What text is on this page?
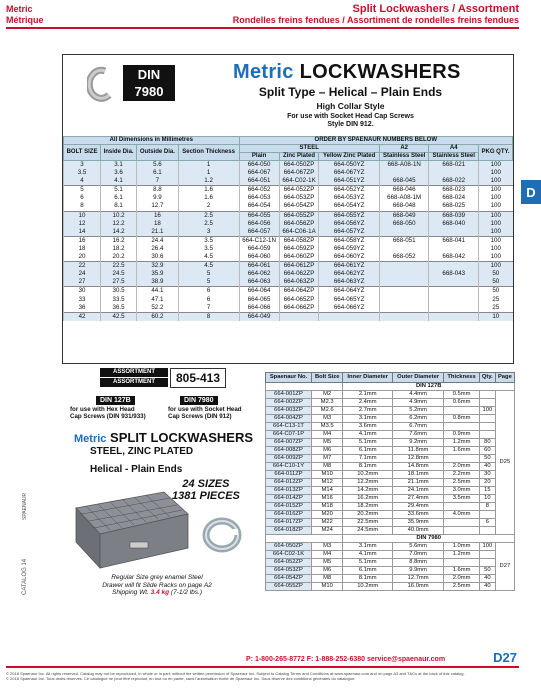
Metric
Métrique
Split Lockwashers / Assortment
Rondelles freins fendues / Assortiment de rondelles freins fendues
D
CATALOG 14
SPAENAUR
DIN
7980
Metric LOCKWASHERS
Split Type – Helical – Plain Ends
High Collar Style
For use with Socket Head Cap Screws
Style DIN 912.
All Dimensions in Millimetres				ORDER BY SPAENAUR NUMBERS BELOW					
BOLT SIZE	Inside Dia.	Outside Dia.	Section Thickness	STEEL			A2	A4	PKG QTY.
				Plain	Zinc Plated	Yellow Zinc Plated	Stainless Steel	Stainless Steel	
3	3.1	5.6	1	664-050	664-050ZP	664-050YZ	668-A08-1N	668-021	100
3.5	3.6	6.1	1	664-067	664-067ZP	664-067YZ			100
4	4.1	7	1.2	664-051	664-C02-1K	664-051YZ	668-045	668-022	100
5	5.1	8.8	1.6	664-052	664-052ZP	664-052YZ	668-046	668-023	100
6	6.1	9.9	1.6	664-053	664-053ZP	664-053YZ	668-A08-1M	668-024	100
8	8.1	12.7	2	664-054	664-054ZP	664-054YZ	668-048	668-025	100
10	10.2	16	2.5	664-055	664-055ZP	664-055YZ	668-049	668-039	100
12	12.2	18	2.5	664-056	664-056ZP	664-056YZ	668-050	668-040	100
14	14.2	21.1	3	664-057	664-C06-1A	664-057YZ			100
16	16.2	24.4	3.5	664-C12-1N	664-058ZP	664-058YZ	668-051	668-041	100
18	18.2	26.4	3.5	664-059	664-059ZP	664-059YZ			100
20	20.2	30.6	4.5	664-060	664-060ZP	664-060YZ	668-052	668-042	100
22	22.5	32.9	4.5	664-061	664-061ZP	664-061YZ			100
24	24.5	35.9	5	664-062	664-062ZP	664-062YZ		668-043	50
27	27.5	38.9	5	664-063	664-063ZP	664-063YZ			50
30	30.5	44.1	6	664-064	664-064ZP	664-064YZ			50
33	33.5	47.1	6	664-065	664-065ZP	664-065YZ			25
36	36.5	52.2	7	664-066	664-066ZP	664-066YZ			25
42	42.5	60.2	8	664-049					10
ASSORTMENT
ASSORTMENT	805-413
DIN 127B
for use with Hex Head
Cap Screws (DIN 931/933)
DIN 7980
for use with Socket Head
Cap Screws (DIN 912)
Metric SPLIT LOCKWASHERS
STEEL, ZINC PLATED
Helical - Plain Ends
24 SIZES
1381 PIECES
Regular Size grey enamel Steel
Drawer will fit Slide Racks on page A2
Shipping Wt. 3.4 kg (7-1/2 lbs.)
Spaenaur No.	Bolt Size	Inner Diameter	Outer Diameter	Thickness	Qty.	Page
		DIN 127B				
664-001ZP	M2	2.1mm	4.4mm	0.5mm		D25
664-002ZP	M2.3	2.4mm	4.9mm	0.6mm		
664-003ZP	M2.6	2.7mm	5.2mm		100	
664-004ZP	M3	3.1mm	6.2mm	0.8mm		
664-C13-1T	M3.5	3.6mm	6.7mm			
664-C07-1P	M4	4.1mm	7.6mm	0.9mm		
664-007ZP	M5	5.1mm	9.2mm	1.2mm	80	
664-008ZP	M6	6.1mm	11.8mm	1.6mm	60	
664-009ZP	M7	7.1mm	12.8mm		50	
664-C10-1Y	M8	8.1mm	14.8mm	2.0mm	40	
664-011ZP	M10	10.2mm	18.1mm	2.2mm	30	
664-012ZP	M12	12.2mm	21.1mm	2.5mm	20	
664-013ZP	M14	14.2mm	24.1mm	3.0mm	15	
664-014ZP	M16	16.2mm	27.4mm	3.5mm	10	
664-015ZP	M18	18.2mm	29.4mm		8	
664-016ZP	M20	20.2mm	33.6mm	4.0mm		
664-017ZP	M22	22.5mm	35.9mm		6	
664-018ZP	M24	24.5mm	40.0mm			
		DIN 7980				
664-050ZP	M3	3.1mm	5.6mm	1.0mm	100	D27
664-C02-1K	M4	4.1mm	7.0mm	1.2mm		
664-052ZP	M5	5.1mm	8.8mm			
664-053ZP	M6	6.1mm	9.9mm	1.6mm	50	
664-054ZP	M8	8.1mm	12.7mm	2.0mm	40	
664-055ZP	M10	10.2mm	16.0mm	2.5mm	40	
D27
P: 1-800-265-8772 F: 1-888-252-6380 service@spaenaur.com
© 2018 Spaenaur Inc. All rights reserved. Catalog may not be reproduced, in whole or in part, without the written permission of Spaenaur Inc. Subject to Catalog Terms and Conditions at www.spaenaur.com and on page A3 and T&Cs at the back of this catalog.
© 2018 Spaenaur Inc. Tous droits réservés. Ce catalogue ne peut être reproduit, en tout ou en partie, sans l'autorisation écrite de Spaenaur Inc. Sous réserve des conditions générales du catalogue.
